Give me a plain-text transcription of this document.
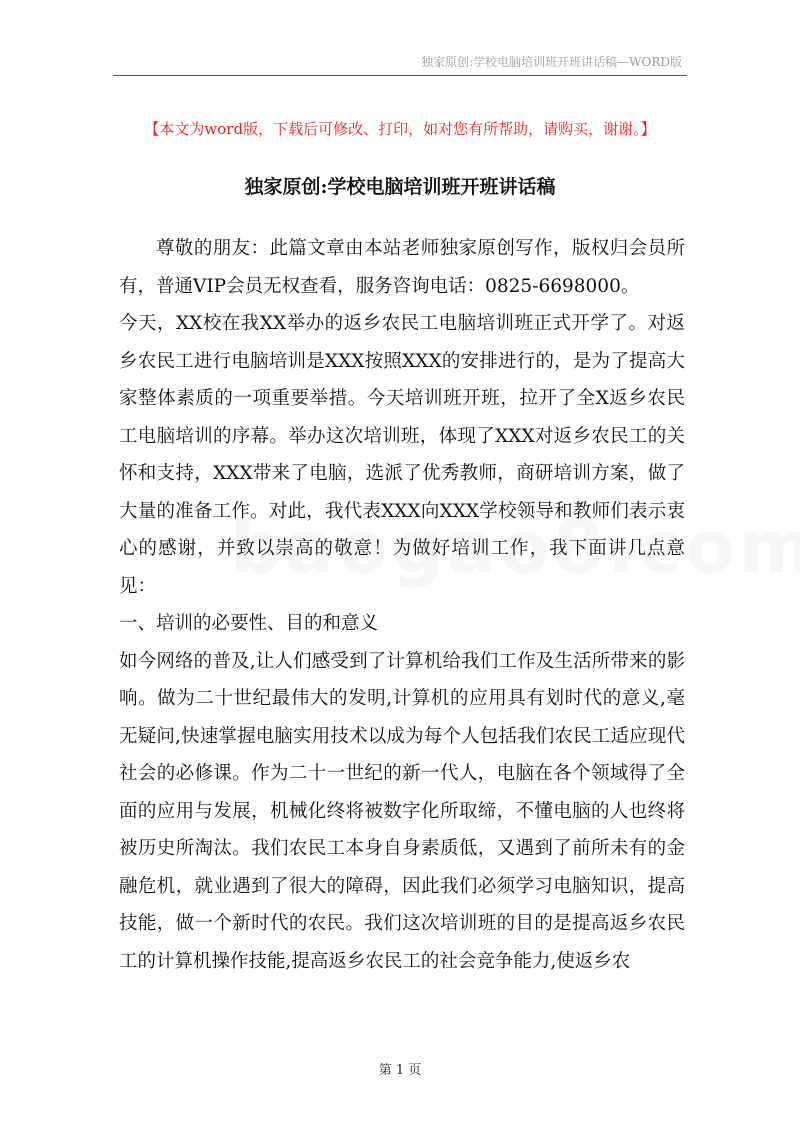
独家原创:学校电脑培训班开班讲话稿—WORD版
【本文为word版，下载后可修改、打印，如对您有所帮助，请购买，谢谢。】
独家原创:学校电脑培训班开班讲话稿

尊敬的朋友：此篇文章由本站老师独家原创写作，版权归会员所有，普通VIP会员无权查看，服务咨询电话：0825-6698000。

今天，XX校在我XX举办的返乡农民工电脑培训班正式开学了。对返乡农民工进行电脑培训是XXX按照XXX的安排进行的，是为了提高大家整体素质的一项重要举措。今天培训班开班，拉开了全X返乡农民工电脑培训的序幕。举办这次培训班，体现了XXX对返乡农民工的关怀和支持，XXX带来了电脑，选派了优秀教师，商研培训方案，做了大量的准备工作。对此，我代表XXX向XXX学校领导和教师们表示衷心的感谢，并致以崇高的敬意！为做好培训工作，我下面讲几点意见：

一、培训的必要性、目的和意义

如今网络的普及,让人们感受到了计算机给我们工作及生活所带来的影响。做为二十世纪最伟大的发明,计算机的应用具有划时代的意义,毫无疑问,快速掌握电脑实用技术以成为每个人包括我们农民工适应现代社会的必修课。作为二十一世纪的新一代人，电脑在各个领域得了全面的应用与发展，机械化终将被数字化所取缔，不懂电脑的人也终将被历史所淘汰。我们农民工本身自身素质低，又遇到了前所未有的金融危机，就业遇到了很大的障碍，因此我们必须学习电脑知识，提高技能，做一个新时代的农民。我们这次培训班的目的是提高返乡农民工的计算机操作技能,提高返乡农民工的社会竞争能力,使返乡农

第 1 页
